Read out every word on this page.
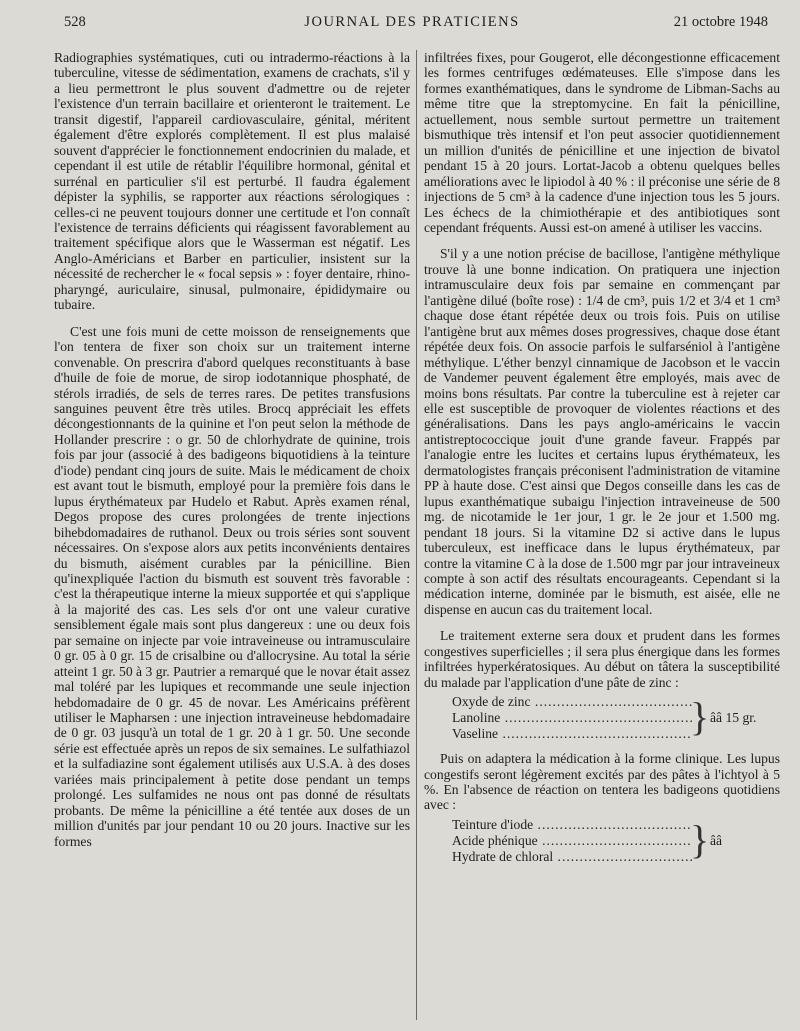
528	JOURNAL DES PRATICIENS	21 octobre 1948

Radiographies systématiques, cuti ou intradermo-réactions à la tuberculine, vitesse de sédimentation, examens de crachats, s'il y a lieu permettront le plus souvent d'admettre ou de rejeter l'existence d'un terrain bacillaire et orienteront le traitement. Le transit digestif, l'appareil cardiovasculaire, génital, méritent également d'être explorés complètement. Il est plus malaisé souvent d'apprécier le fonctionnement endocrinien du malade, et cependant il est utile de rétablir l'équilibre hormonal, génital et surrénal en particulier s'il est perturbé. Il faudra également dépister la syphilis, se rapporter aux réactions sérologiques : celles-ci ne peuvent toujours donner une certitude et l'on connaît l'existence de terrains déficients qui réagissent favorablement au traitement spécifique alors que le Wasserman est négatif. Les Anglo-Américians et Barber en particulier, insistent sur la nécessité de rechercher le « focal sepsis » : foyer dentaire, rhino-pharyngé, auriculaire, sinusal, pulmonaire, épididymaire ou tubaire.

C'est une fois muni de cette moisson de renseignements que l'on tentera de fixer son choix sur un traitement interne convenable. On prescrira d'abord quelques reconstituants à base d'huile de foie de morue, de sirop iodotannique phosphaté, de stérols irradiés, de sels de terres rares. De petites transfusions sanguines peuvent être très utiles. Brocq appréciait les effets décongestionnants de la quinine et l'on peut selon la méthode de Hollander prescrire : o gr. 50 de chlorhydrate de quinine, trois fois par jour (associé à des badigeons biquotidiens à la teinture d'iode) pendant cinq jours de suite. Mais le médicament de choix est avant tout le bismuth, employé pour la première fois dans le lupus érythémateux par Hudelo et Rabut. Après examen rénal, Degos propose des cures prolongées de trente injections bihebdomadaires de ruthanol. Deux ou trois séries sont souvent nécessaires. On s'expose alors aux petits inconvénients dentaires du bismuth, aisément curables par la pénicilline. Bien qu'inexpliquée l'action du bismuth est souvent très favorable : c'est la thérapeutique interne la mieux supportée et qui s'applique à la majorité des cas. Les sels d'or ont une valeur curative sensiblement égale mais sont plus dangereux : une ou deux fois par semaine on injecte par voie intraveineuse ou intramusculaire 0 gr. 05 à 0 gr. 15 de crisalbine ou d'allocrysine. Au total la série atteint 1 gr. 50 à 3 gr. Pautrier a remarqué que le novar était assez mal toléré par les lupiques et recommande une seule injection hebdomadaire de 0 gr. 45 de novar. Les Américains préfèrent utiliser le Mapharsen : une injection intraveineuse hebdomadaire de 0 gr. 03 jusqu'à un total de 1 gr. 20 à 1 gr. 50. Une seconde série est effectuée après un repos de six semaines. Le sulfathiazol et la sulfadiazine sont également utilisés aux U.S.A. à des doses variées mais principalement à petite dose pendant un temps prolongé. Les sulfamides ne nous ont pas donné de résultats probants. De même la pénicilline a été tentée aux doses de un million d'unités par jour pendant 10 ou 20 jours. Inactive sur les formes

infiltrées fixes, pour Gougerot, elle décongestionne efficacement les formes centrifuges œdémateuses. Elle s'impose dans les formes exanthématiques, dans le syndrome de Libman-Sachs au même titre que la streptomycine. En fait la pénicilline, actuellement, nous semble surtout permettre un traitement bismuthique très intensif et l'on peut associer quotidiennement un million d'unités de pénicilline et une injection de bivatol pendant 15 à 20 jours. Lortat-Jacob a obtenu quelques belles améliorations avec le lipiodol à 40 % : il préconise une série de 8 injections de 5 cm³ à la cadence d'une injection tous les 5 jours. Les échecs de la chimiothérapie et des antibiotiques sont cependant fréquents. Aussi est-on amené à utiliser les vaccins.

S'il y a une notion précise de bacillose, l'antigène méthylique trouve là une bonne indication. On pratiquera une injection intramusculaire deux fois par semaine en commençant par l'antigène dilué (boîte rose) : 1/4 de cm³, puis 1/2 et 3/4 et 1 cm³ chaque dose étant répétée deux ou trois fois. Puis on utilise l'antigène brut aux mêmes doses progressives, chaque dose étant répétée deux fois. On associe parfois le sulfarséniol à l'antigène méthylique. L'éther benzyl cinnamique de Jacobson et le vaccin de Vandemer peuvent également être employés, mais avec de moins bons résultats. Par contre la tuberculine est à rejeter car elle est susceptible de provoquer de violentes réactions et des généralisations. Dans les pays anglo-américains le vaccin antistreptococcique jouit d'une grande faveur. Frappés par l'analogie entre les lucites et certains lupus érythémateux, les dermatologistes français préconisent l'administration de vitamine PP à haute dose. C'est ainsi que Degos conseille dans les cas de lupus exanthématique subaigu l'injection intraveineuse de 500 mg. de nicotamide le 1er jour, 1 gr. le 2e jour et 1.500 mg. pendant 18 jours. Si la vitamine D2 si active dans le lupus tuberculeux, est inefficace dans le lupus érythémateux, par contre la vitamine C à la dose de 1.500 mgr par jour intraveineux compte à son actif des résultats encourageants. Cependant si la médication interne, dominée par le bismuth, est aisée, elle ne dispense en aucun cas du traitement local.

Le traitement externe sera doux et prudent dans les formes congestives superficielles ; il sera plus énergique dans les formes infiltrées hyperkératosiques. Au début on tâtera la susceptibilité du malade par l'application d'une pâte de zinc :

Oxyde de zinc .....
Lanoline .....
Vaseline .....	} ââ 15 gr.

Puis on adaptera la médication à la forme clinique. Les lupus congestifs seront légèrement excités par des pâtes à l'ichtyol à 5 %. En l'absence de réaction on tentera les badigeons quotidiens avec :

Teinture d'iode .....
Acide phénique .....
Hydrate de chloral .....	} ââ
